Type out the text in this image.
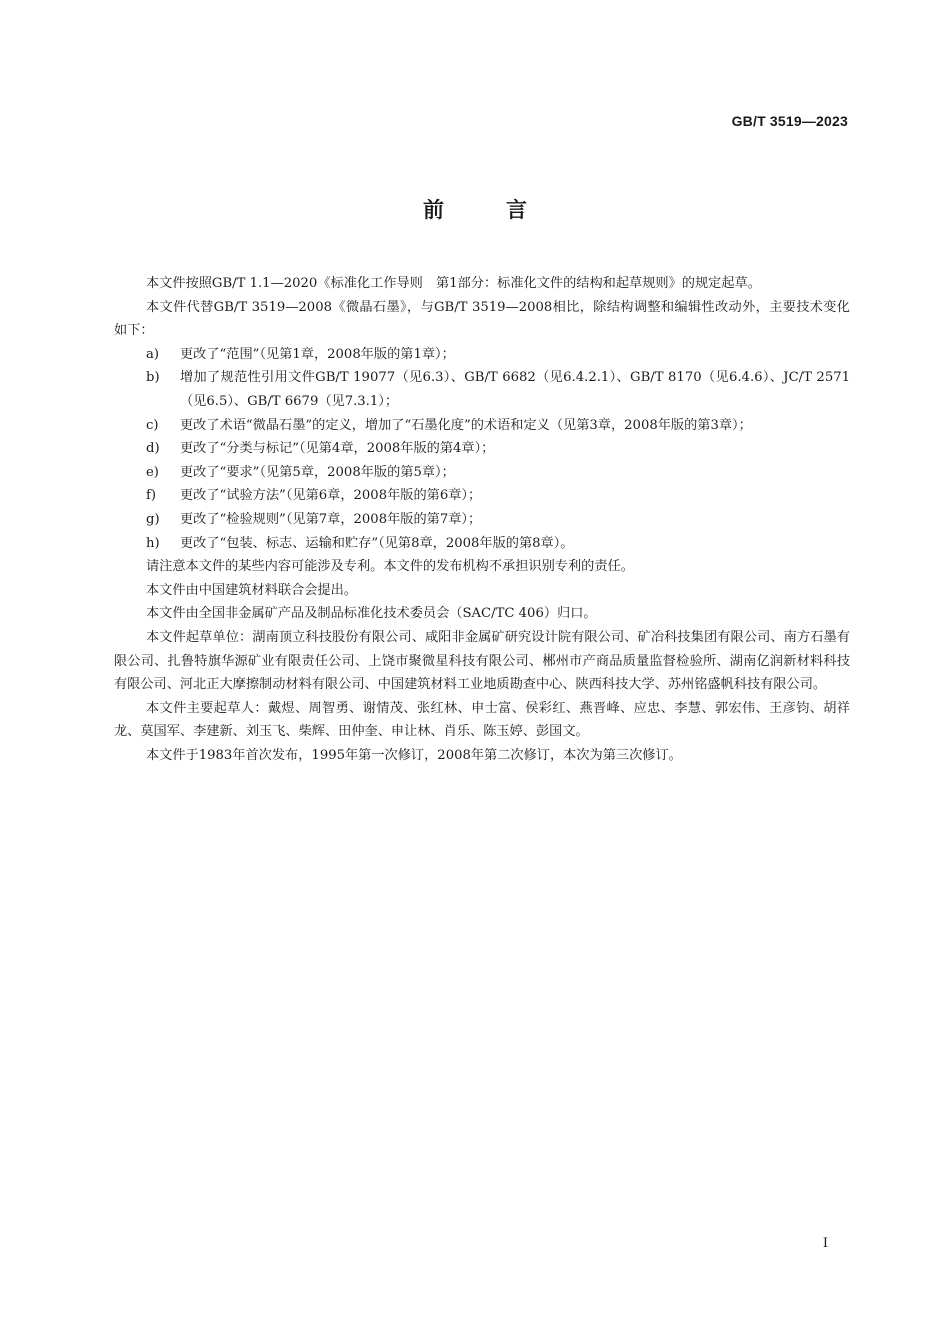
GB/T 3519—2023
前言

本文件按照GB/T 1.1—2020《标准化工作导则　第1部分：标准化文件的结构和起草规则》的规定起草。

本文件代替GB/T 3519—2008《微晶石墨》，与GB/T 3519—2008相比，除结构调整和编辑性改动外，主要技术变化如下：

a) 更改了“范围”（见第1章，2008年版的第1章）；

b) 增加了规范性引用文件GB/T 19077（见6.3）、GB/T 6682（见6.4.2.1）、GB/T 8170（见6.4.6）、JC/T 2571（见6.5）、GB/T 6679（见7.3.1）；

c) 更改了术语“微晶石墨”的定义，增加了“石墨化度”的术语和定义（见第3章，2008年版的第3章）；

d) 更改了“分类与标记”（见第4章，2008年版的第4章）；

e) 更改了“要求”（见第5章，2008年版的第5章）；

f) 更改了“试验方法”（见第6章，2008年版的第6章）；

g) 更改了“检验规则”（见第7章，2008年版的第7章）；

h) 更改了“包装、标志、运输和贮存”（见第8章，2008年版的第8章）。

请注意本文件的某些内容可能涉及专利。本文件的发布机构不承担识别专利的责任。

本文件由中国建筑材料联合会提出。

本文件由全国非金属矿产品及制品标准化技术委员会（SAC/TC 406）归口。

本文件起草单位：湖南顶立科技股份有限公司、咸阳非金属矿研究设计院有限公司、矿冶科技集团有限公司、南方石墨有限公司、扎鲁特旗华源矿业有限责任公司、上饶市聚微星科技有限公司、郴州市产商品质量监督检验所、湖南亿润新材料科技有限公司、河北正大摩擦制动材料有限公司、中国建筑材料工业地质勘查中心、陕西科技大学、苏州铭盛帆科技有限公司。

本文件主要起草人：戴煜、周智勇、谢情茂、张红林、申士富、侯彩红、燕晋峰、应忠、李慧、郭宏伟、王彦钧、胡祥龙、莫国军、李建新、刘玉飞、柴辉、田仲奎、申让林、肖乐、陈玉婷、彭国文。

本文件于1983年首次发布，1995年第一次修订，2008年第二次修订，本次为第三次修订。

I
